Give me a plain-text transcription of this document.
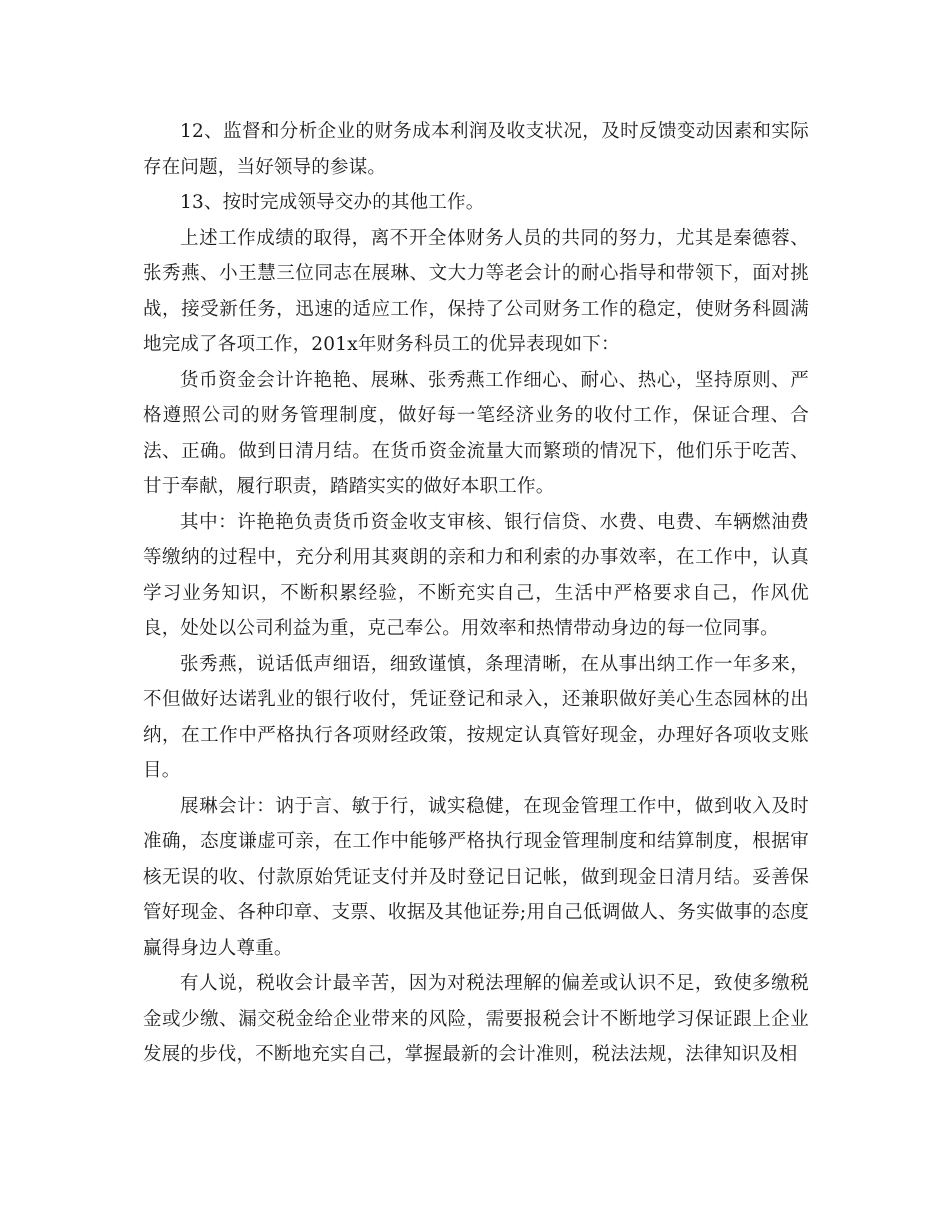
12、监督和分析企业的财务成本利润及收支状况，及时反馈变动因素和实际存在问题，当好领导的参谋。

13、按时完成领导交办的其他工作。

上述工作成绩的取得，离不开全体财务人员的共同的努力，尤其是秦德蓉、张秀燕、小王慧三位同志在展琳、文大力等老会计的耐心指导和带领下，面对挑战，接受新任务，迅速的适应工作，保持了公司财务工作的稳定，使财务科圆满地完成了各项工作，201x年财务科员工的优异表现如下：

货币资金会计许艳艳、展琳、张秀燕工作细心、耐心、热心，坚持原则、严格遵照公司的财务管理制度，做好每一笔经济业务的收付工作，保证合理、合法、正确。做到日清月结。在货币资金流量大而繁琐的情况下，他们乐于吃苦、甘于奉献，履行职责，踏踏实实的做好本职工作。

其中：许艳艳负责货币资金收支审核、银行信贷、水费、电费、车辆燃油费等缴纳的过程中，充分利用其爽朗的亲和力和利索的办事效率，在工作中，认真学习业务知识，不断积累经验，不断充实自己，生活中严格要求自己，作风优良，处处以公司利益为重，克己奉公。用效率和热情带动身边的每一位同事。

张秀燕，说话低声细语，细致谨慎，条理清晰，在从事出纳工作一年多来，不但做好达诺乳业的银行收付，凭证登记和录入，还兼职做好美心生态园林的出纳，在工作中严格执行各项财经政策，按规定认真管好现金，办理好各项收支账目。

展琳会计：讷于言、敏于行，诚实稳健，在现金管理工作中，做到收入及时准确，态度谦虚可亲，在工作中能够严格执行现金管理制度和结算制度，根据审核无误的收、付款原始凭证支付并及时登记日记帐，做到现金日清月结。妥善保管好现金、各种印章、支票、收据及其他证券;用自己低调做人、务实做事的态度赢得身边人尊重。

有人说，税收会计最辛苦，因为对税法理解的偏差或认识不足，致使多缴税金或少缴、漏交税金给企业带来的风险，需要报税会计不断地学习保证跟上企业发展的步伐，不断地充实自己，掌握最新的会计准则，税法法规，法律知识及相
